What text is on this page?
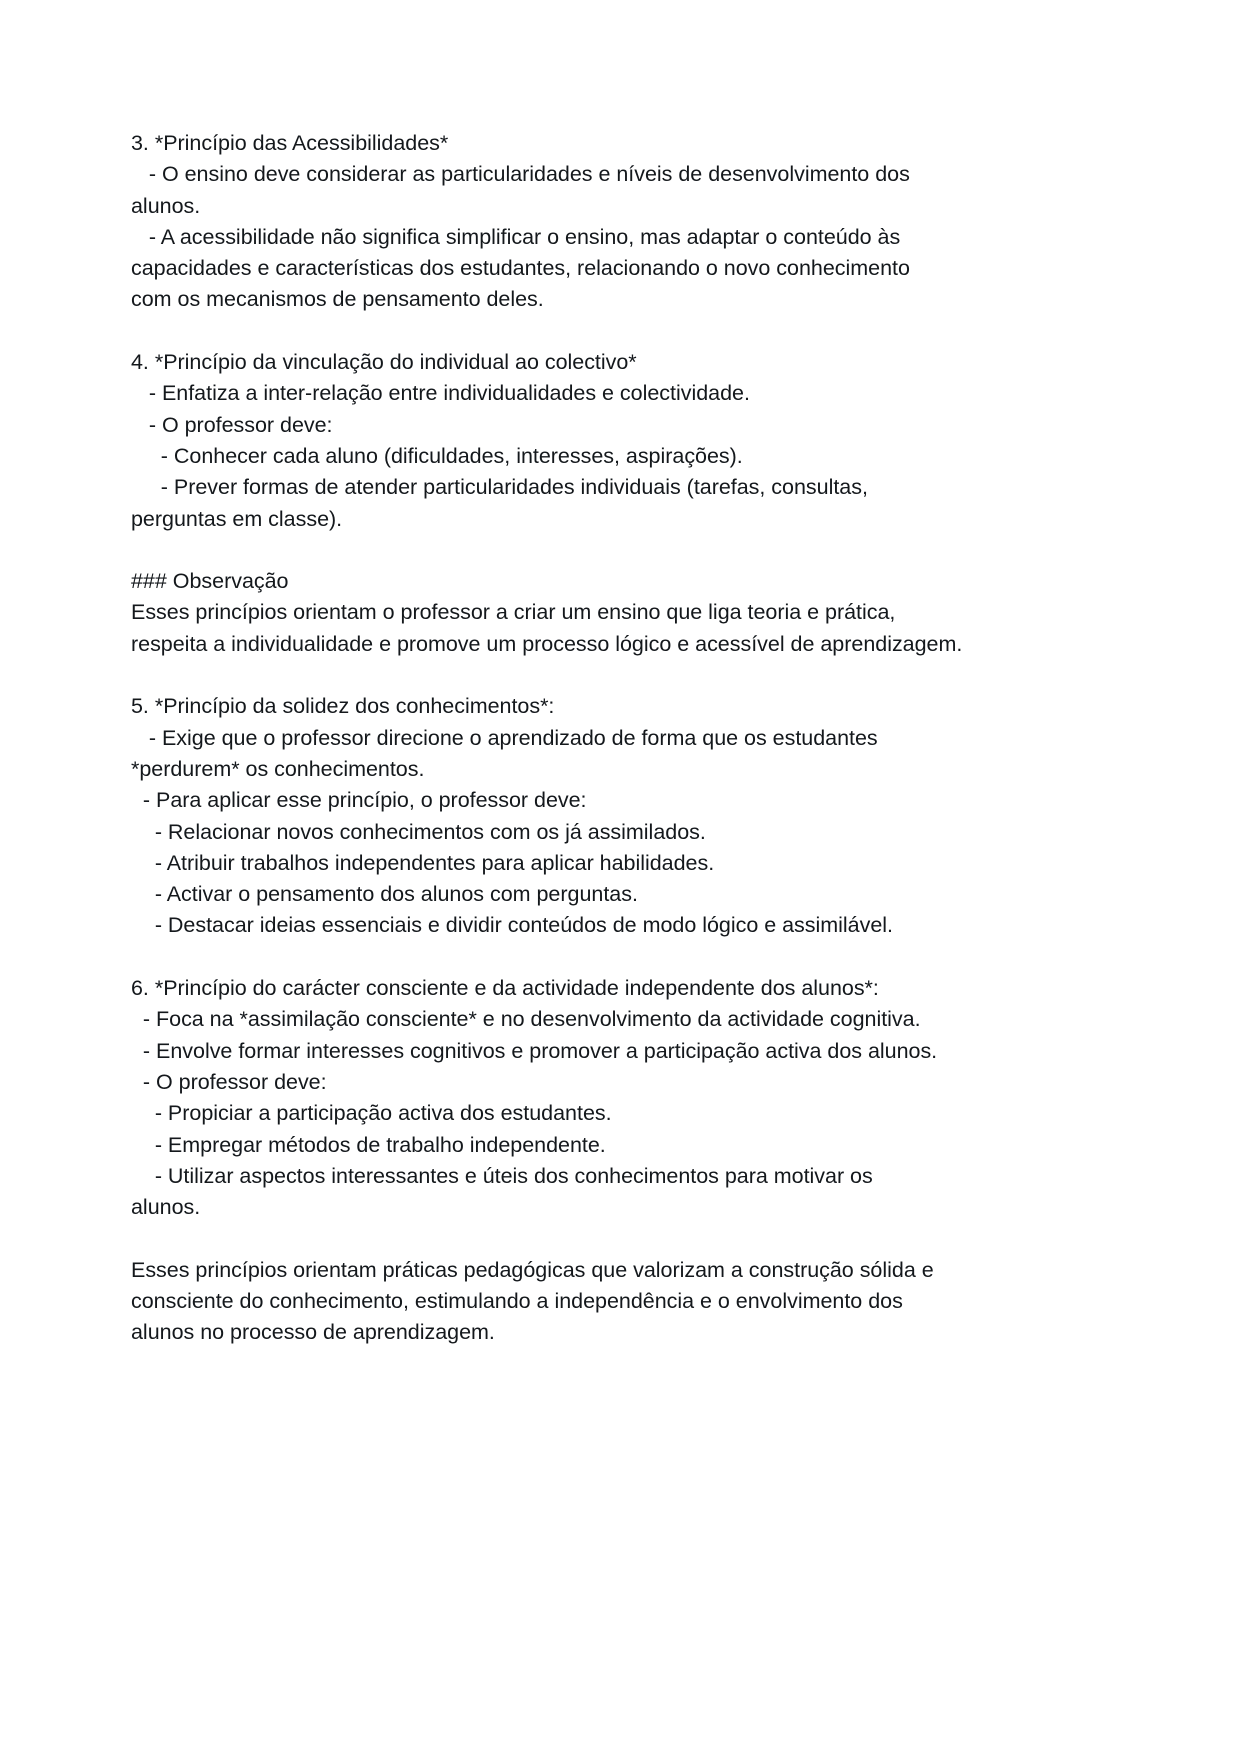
3. *Princípio das Acessibilidades*
- O ensino deve considerar as particularidades e níveis de desenvolvimento dos
alunos.
- A acessibilidade não significa simplificar o ensino, mas adaptar o conteúdo às
capacidades e características dos estudantes, relacionando o novo conhecimento
com os mecanismos de pensamento deles.
4. *Princípio da vinculação do individual ao colectivo*
- Enfatiza a inter-relação entre individualidades e colectividade.
- O professor deve:
- Conhecer cada aluno (dificuldades, interesses, aspirações).
- Prever formas de atender particularidades individuais (tarefas, consultas,
perguntas em classe).
### Observação
Esses princípios orientam o professor a criar um ensino que liga teoria e prática,
respeita a individualidade e promove um processo lógico e acessível de aprendizagem.
5. *Princípio da solidez dos conhecimentos*:
- Exige que o professor direcione o aprendizado de forma que os estudantes
*perdurem* os conhecimentos.
- Para aplicar esse princípio, o professor deve:
- Relacionar novos conhecimentos com os já assimilados.
- Atribuir trabalhos independentes para aplicar habilidades.
- Activar o pensamento dos alunos com perguntas.
- Destacar ideias essenciais e dividir conteúdos de modo lógico e assimilável.
6. *Princípio do carácter consciente e da actividade independente dos alunos*:
- Foca na *assimilação consciente* e no desenvolvimento da actividade cognitiva.
- Envolve formar interesses cognitivos e promover a participação activa dos alunos.
- O professor deve:
- Propiciar a participação activa dos estudantes.
- Empregar métodos de trabalho independente.
- Utilizar aspectos interessantes e úteis dos conhecimentos para motivar os
alunos.
Esses princípios orientam práticas pedagógicas que valorizam a construção sólida e
consciente do conhecimento, estimulando a independência e o envolvimento dos
alunos no processo de aprendizagem.
